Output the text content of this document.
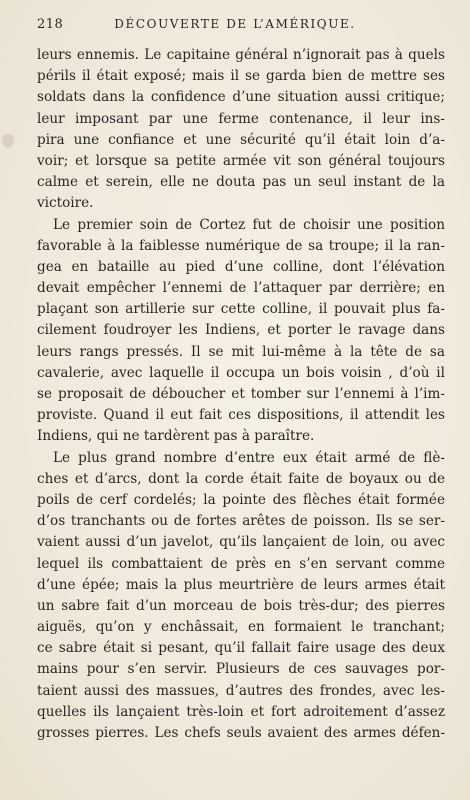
218	DÉCOUVERTE DE L’AMÉRIQUE.
leurs ennemis. Le capitaine général n’ignorait pas à quels
périls il était exposé; mais il se garda bien de mettre ses
soldats dans la confidence d’une situation aussi critique;
leur imposant par une ferme contenance, il leur ins-
pira une confiance et une sécurité qu’il était loin d’a-
voir; et lorsque sa petite armée vit son général toujours
calme et serein, elle ne douta pas un seul instant de la
victoire.
Le premier soin de Cortez fut de choisir une position
favorable à la faiblesse numérique de sa troupe; il la ran-
gea en bataille au pied d’une colline, dont l’élévation
devait empêcher l’ennemi de l’attaquer par derrière; en
plaçant son artillerie sur cette colline, il pouvait plus fa-
cilement foudroyer les Indiens, et porter le ravage dans
leurs rangs pressés. Il se mit lui-même à la tête de sa
cavalerie, avec laquelle il occupa un bois voisin , d’où il
se proposait de déboucher et tomber sur l’ennemi à l’im-
proviste. Quand il eut fait ces dispositions, il attendit les
Indiens, qui ne tardèrent pas à paraître.
Le plus grand nombre d’entre eux était armé de flè-
ches et d’arcs, dont la corde était faite de boyaux ou de
poils de cerf cordelés; la pointe des flèches était formée
d’os tranchants ou de fortes arêtes de poisson. Ils se ser-
vaient aussi d’un javelot, qu’ils lançaient de loin, ou avec
lequel ils combattaient de près en s’en servant comme
d’une épée; mais la plus meurtrière de leurs armes était
un sabre fait d’un morceau de bois très-dur; des pierres
aiguës, qu’on y enchâssait, en formaient le tranchant;
ce sabre était si pesant, qu’il fallait faire usage des deux
mains pour s’en servir. Plusieurs de ces sauvages por-
taient aussi des massues, d’autres des frondes, avec les-
quelles ils lançaient très-loin et fort adroitement d’assez
grosses pierres. Les chefs seuls avaient des armes défen-
